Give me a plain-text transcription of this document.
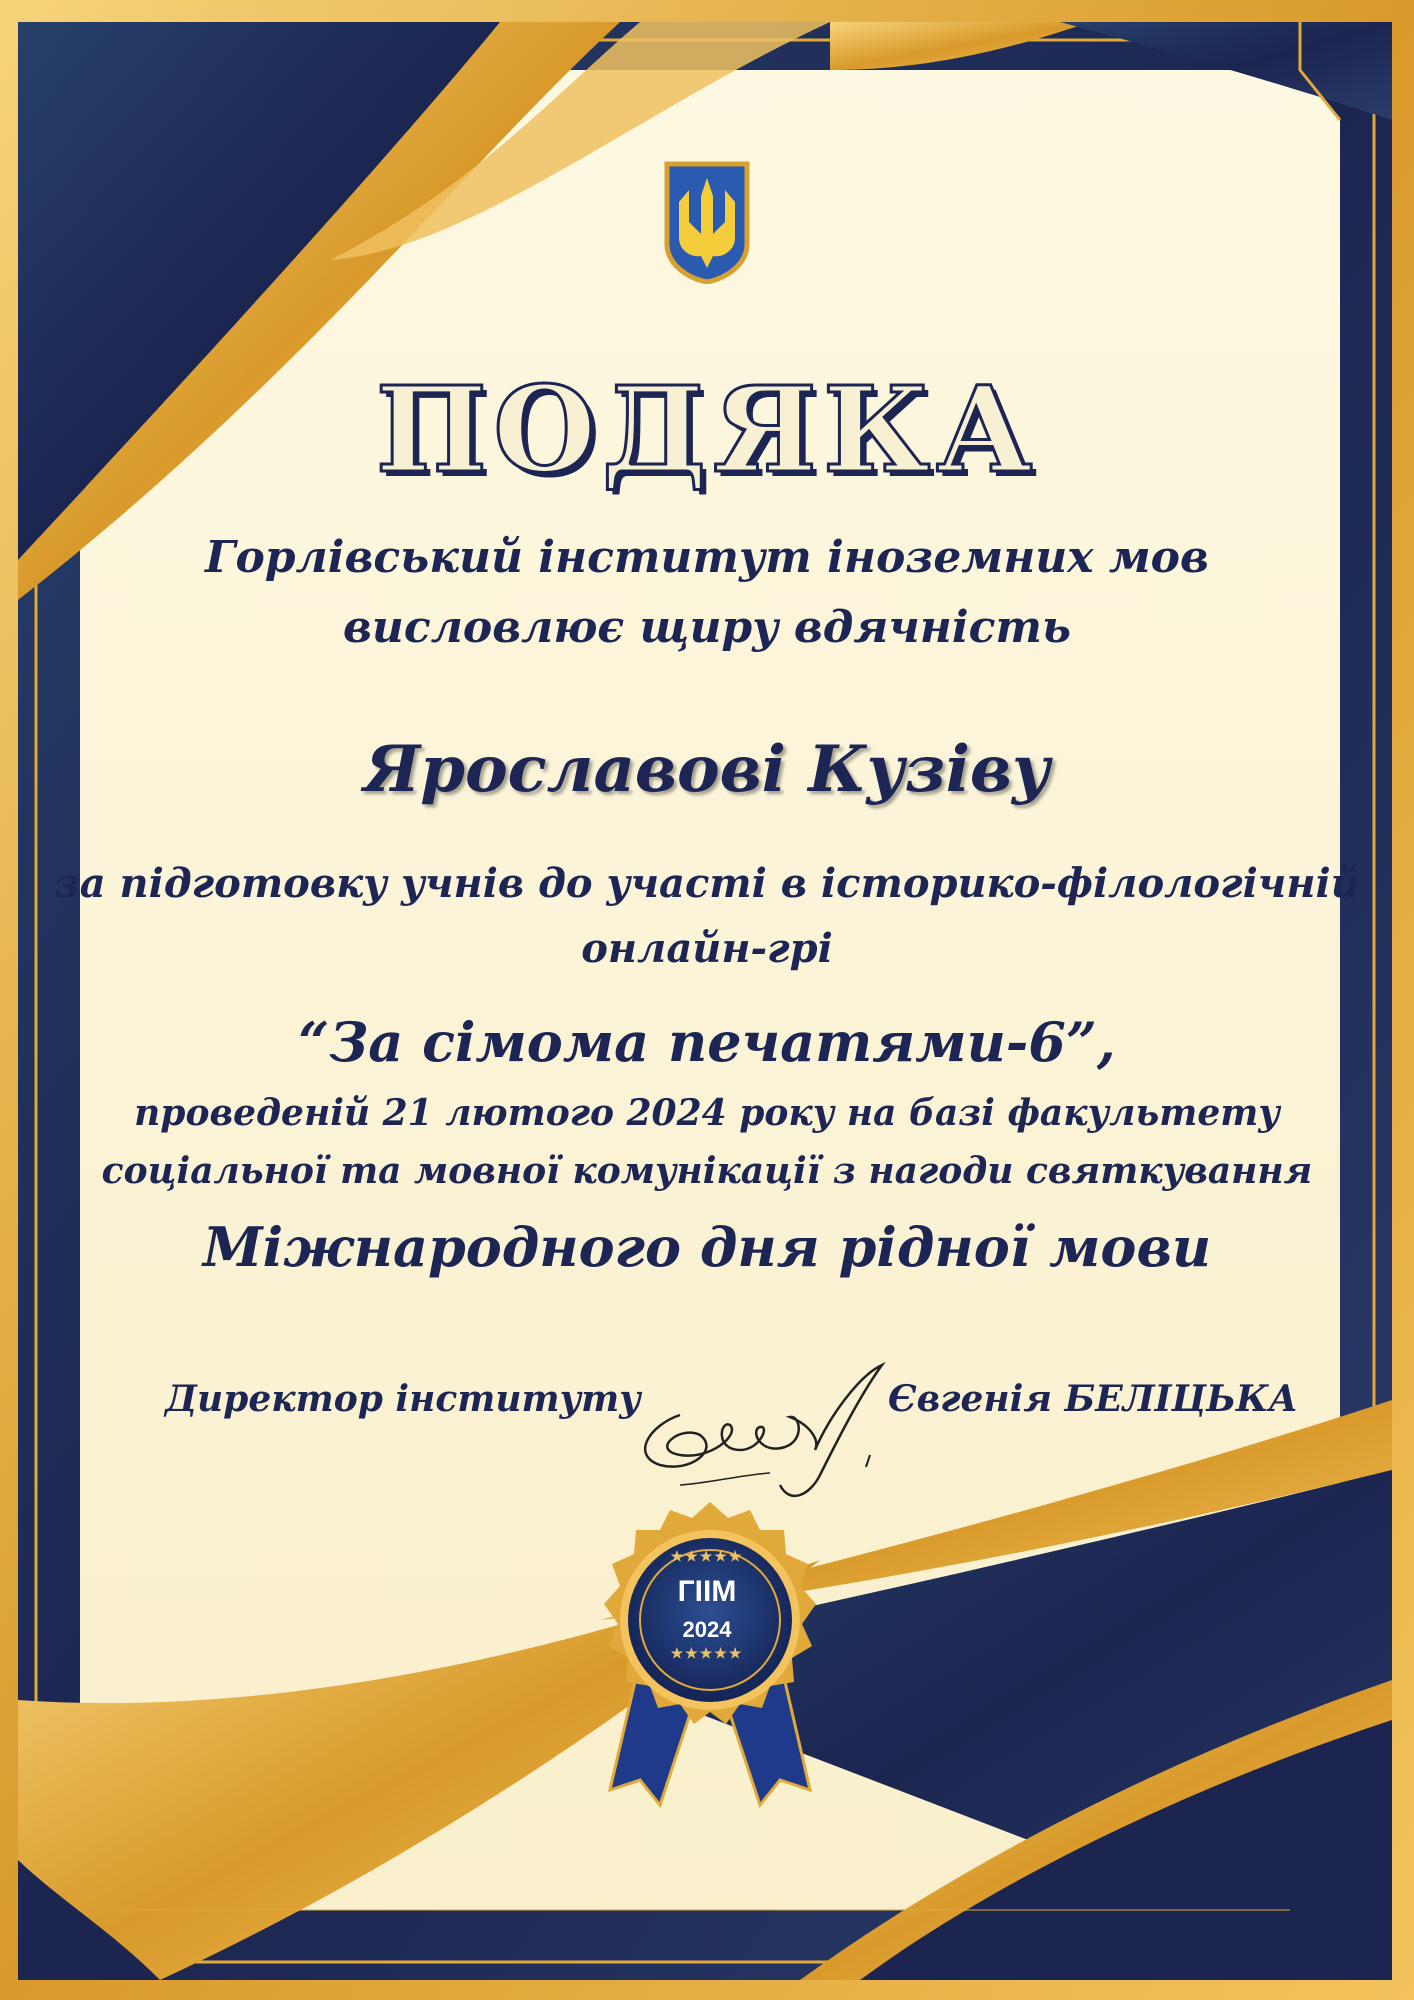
ПОДЯКА
Горлівський інститут іноземних мов
висловлює щиру вдячність
Ярославові Кузіву
за підготовку учнів до участі в історико-філологічній
онлайн-грі
“За сімома печатями-6”,
проведеній 21 лютого 2024 року на базі факультету
соціальної та мовної комунікації з нагоди святкування
Міжнародного дня рідної мови
Директор інституту	Євгенія БЕЛІЦЬКА
★★★★★
ГІІМ
2024
★★★★★
